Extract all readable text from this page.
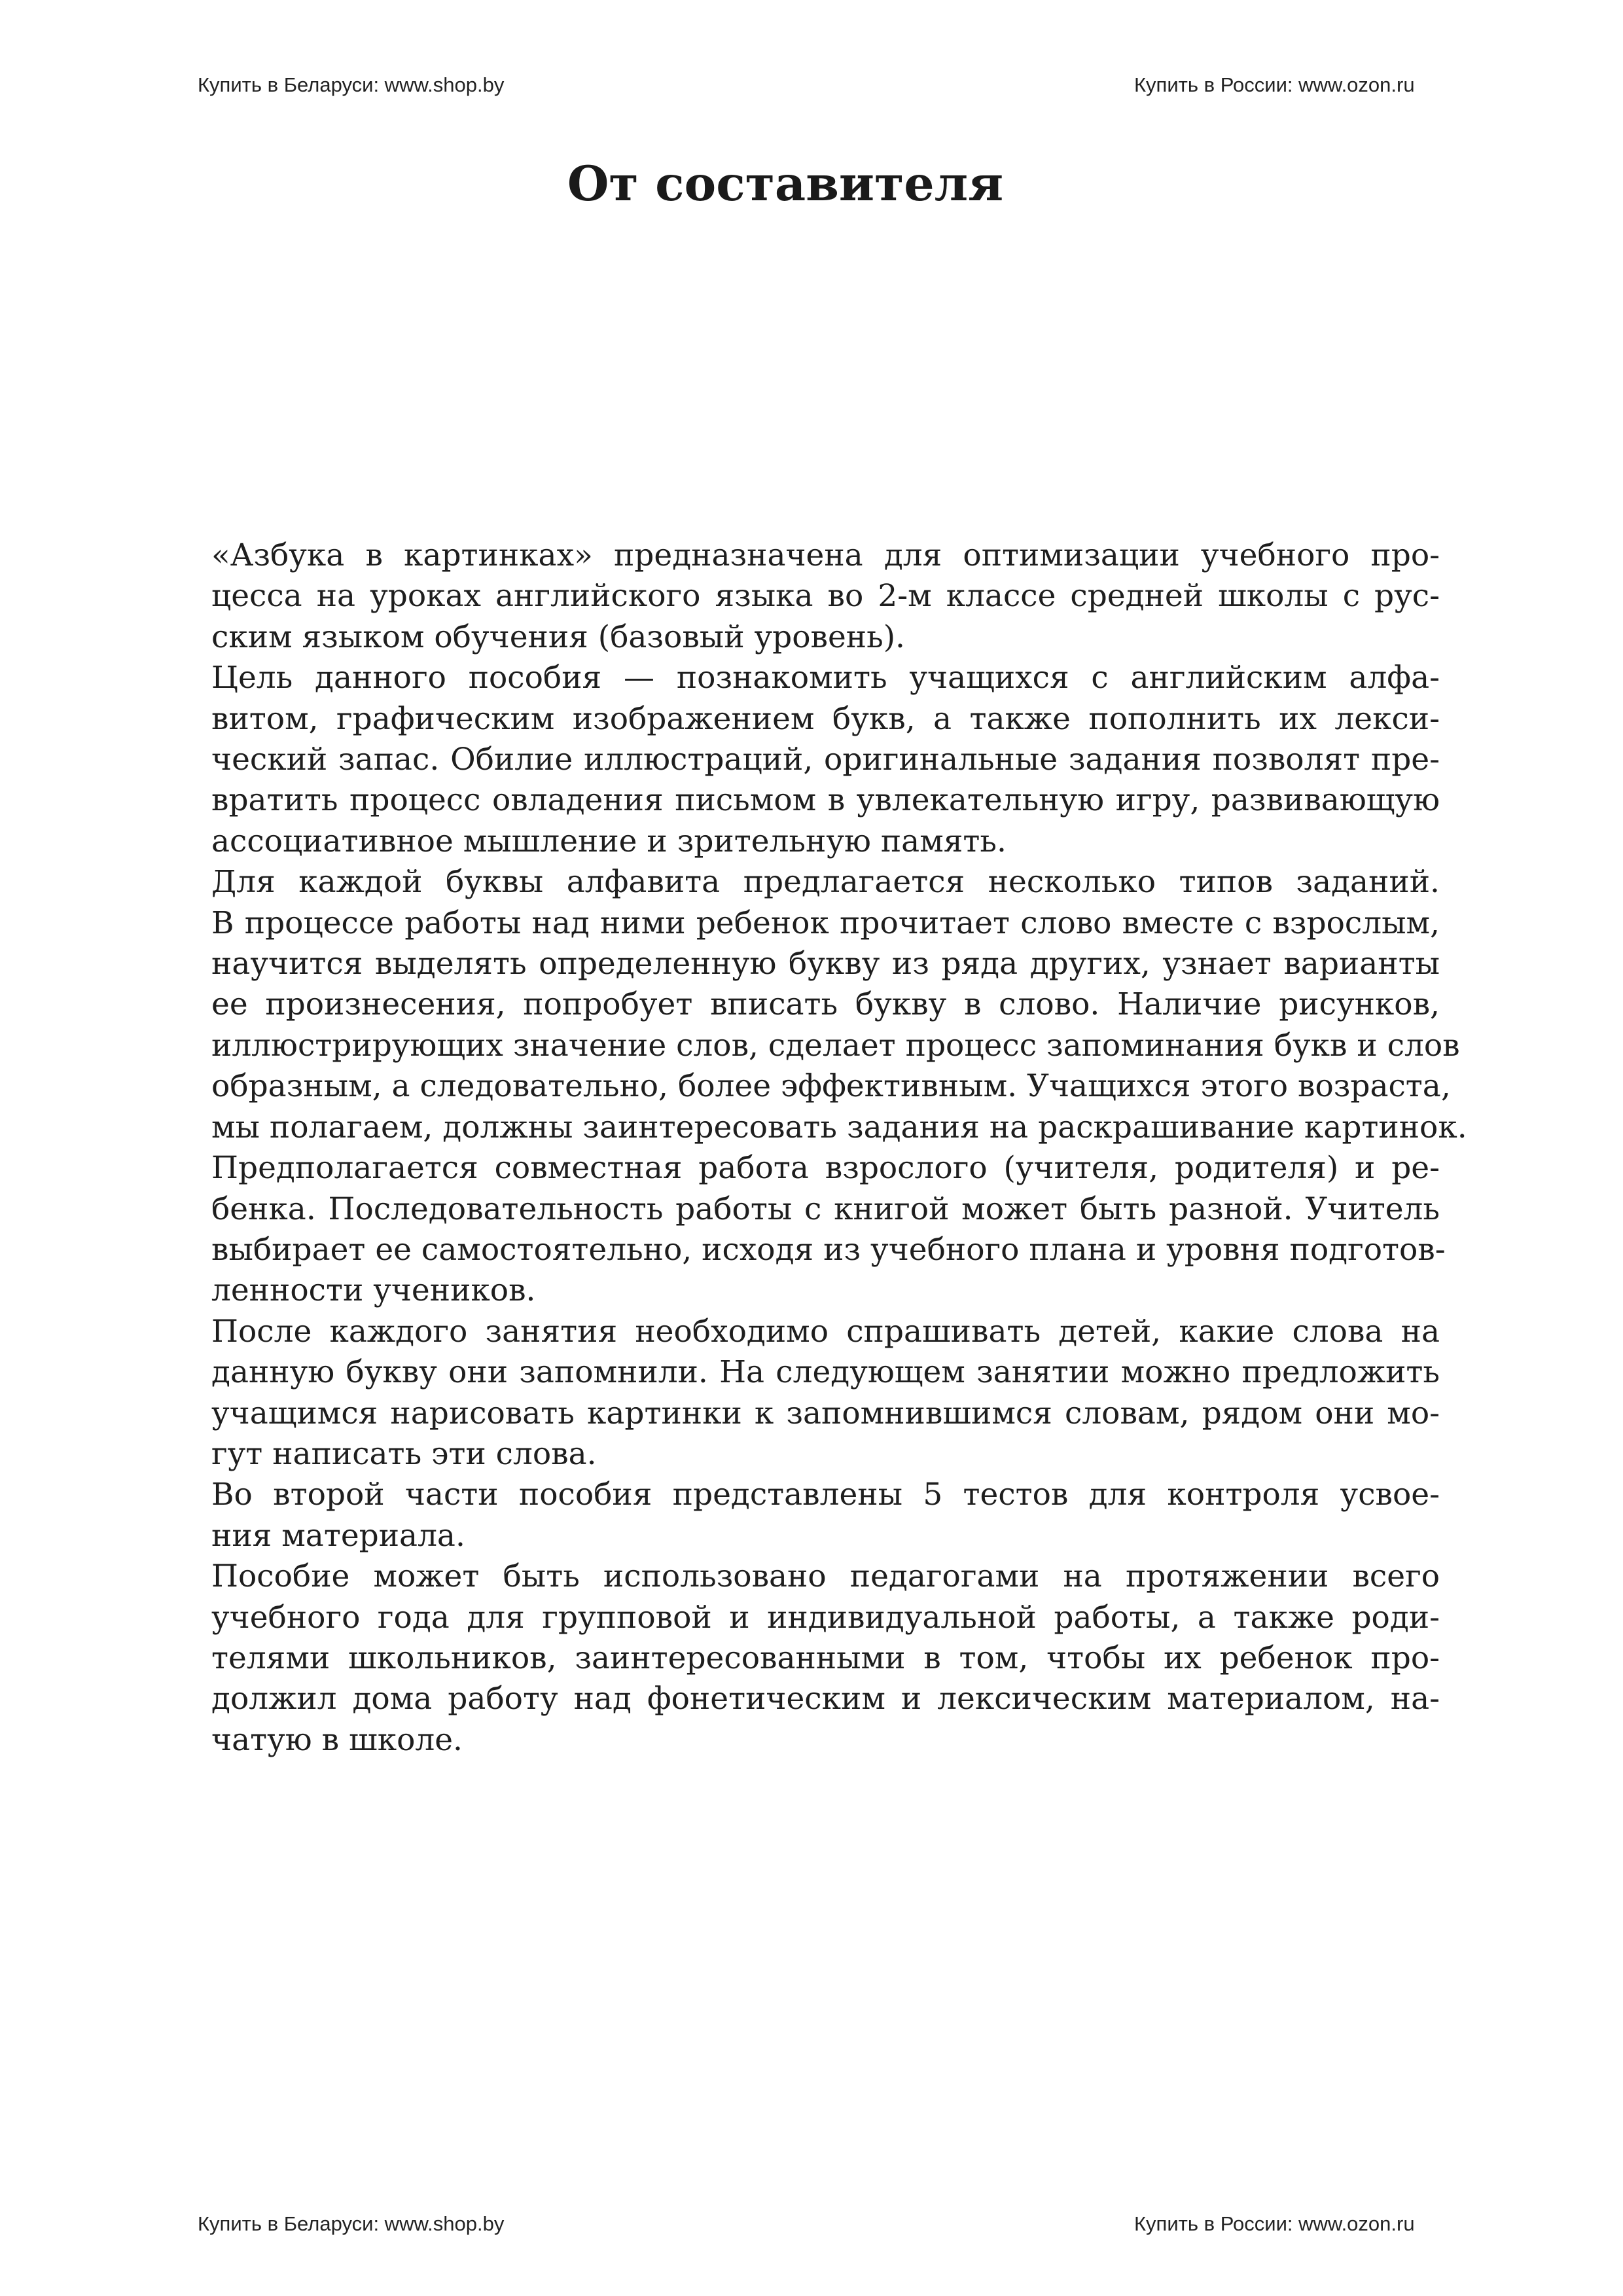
Купить в Беларуси: www.shop.by	Купить в России: www.ozon.ru
От составителя

«Азбука в картинках» предназначена для оптимизации учебного про-
цесса на уроках английского языка во 2-м классе средней школы с рус-
ским языком обучения (базовый уровень).

Цель данного пособия — познакомить учащихся с английским алфа-
витом, графическим изображением букв, а также пополнить их лекси-
ческий запас. Обилие иллюстраций, оригинальные задания позволят пре-
вратить процесс овладения письмом в увлекательную игру, развивающую
ассоциативное мышление и зрительную память.

Для каждой буквы алфавита предлагается несколько типов заданий.
В процессе работы над ними ребенок прочитает слово вместе с взрослым,
научится выделять определенную букву из ряда других, узнает варианты
ее произнесения, попробует вписать букву в слово. Наличие рисунков,
иллюстрирующих значение слов, сделает процесс запоминания букв и слов
образным, а следовательно, более эффективным. Учащихся этого возраста,
мы полагаем, должны заинтересовать задания на раскрашивание картинок.

Предполагается совместная работа взрослого (учителя, родителя) и ре-
бенка. Последовательность работы с книгой может быть разной. Учитель
выбирает ее самостоятельно, исходя из учебного плана и уровня подготов-
ленности учеников.

После каждого занятия необходимо спрашивать детей, какие слова на
данную букву они запомнили. На следующем занятии можно предложить
учащимся нарисовать картинки к запомнившимся словам, рядом они мо-
гут написать эти слова.

Во второй части пособия представлены 5 тестов для контроля усвое-
ния материала.

Пособие может быть использовано педагогами на протяжении всего
учебного года для групповой и индивидуальной работы, а также роди-
телями школьников, заинтересованными в том, чтобы их ребенок про-
должил дома работу над фонетическим и лексическим материалом, на-
чатую в школе.

Купить в Беларуси: www.shop.by	Купить в России: www.ozon.ru
